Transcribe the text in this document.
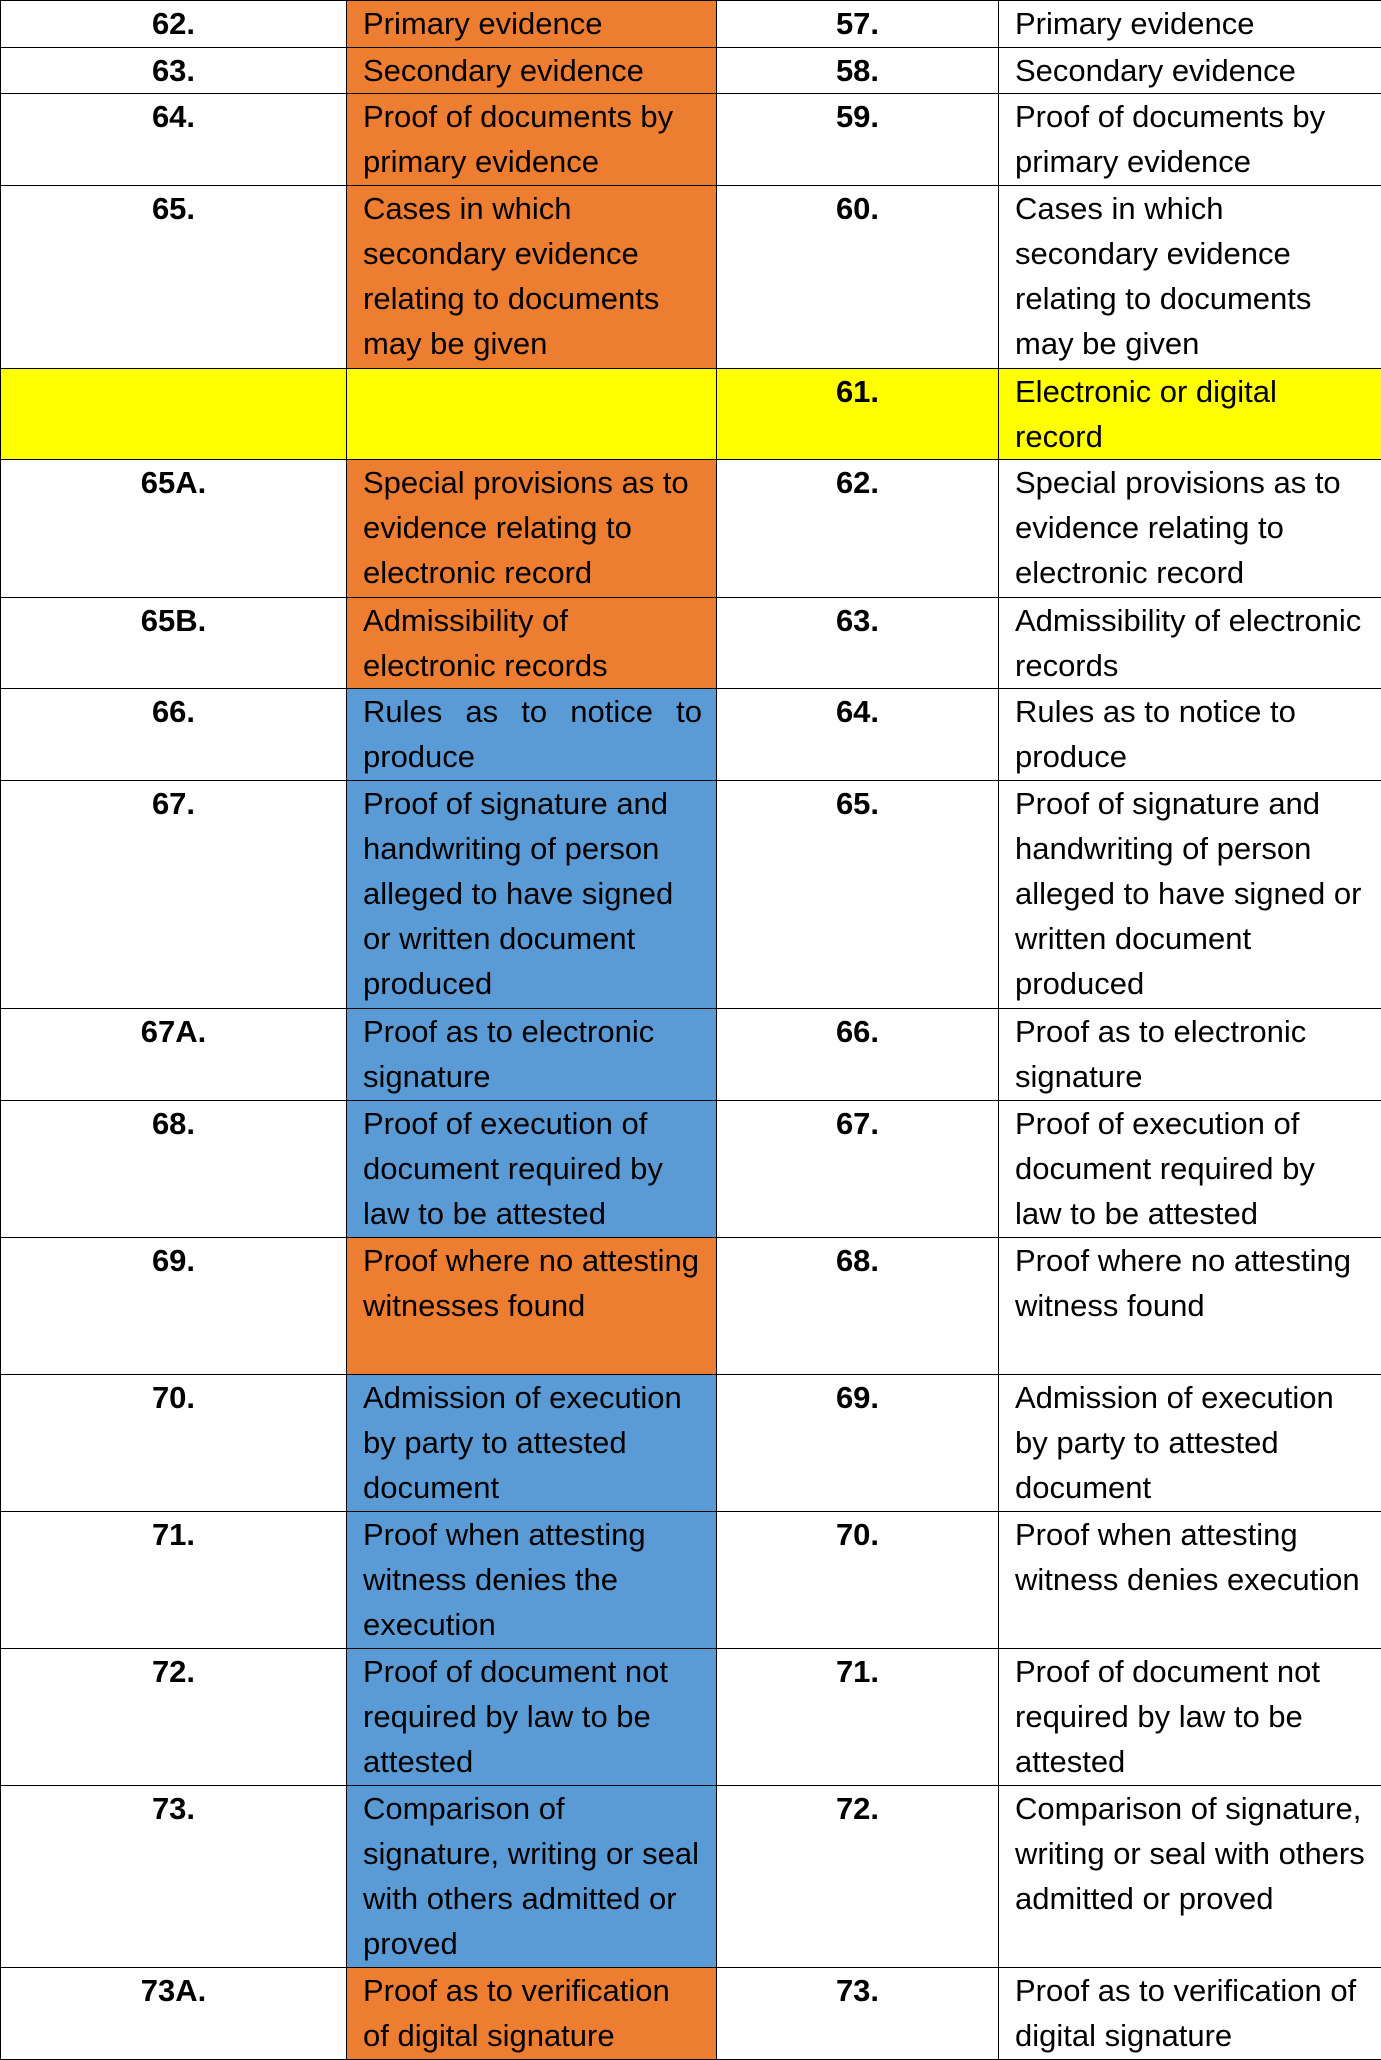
62.	Primary evidence	57.	Primary evidence

63.	Secondary evidence	58.	Secondary evidence

64.	Proof of documents by primary evidence	59.	Proof of documents by primary evidence

65.	Cases in which secondary evidence relating to documents may be given	60.	Cases in which secondary evidence relating to documents may be given

		61.	Electronic or digital record

65A.	Special provisions as to evidence relating to electronic record	62.	Special provisions as to evidence relating to electronic record

65B.	Admissibility of electronic records	63.	Admissibility of electronic records

66.	Rules as to notice to produce	64.	Rules as to notice to produce

67.	Proof of signature and handwriting of person alleged to have signed or written document produced	65.	Proof of signature and handwriting of person alleged to have signed or written document produced

67A.	Proof as to electronic signature	66.	Proof as to electronic signature

68.	Proof of execution of document required by law to be attested	67.	Proof of execution of document required by law to be attested

69.	Proof where no attesting witnesses found	68.	Proof where no attesting witness found

70.	Admission of execution by party to attested document	69.	Admission of execution by party to attested document

71.	Proof when attesting witness denies the execution	70.	Proof when attesting witness denies execution

72.	Proof of document not required by law to be attested	71.	Proof of document not required by law to be attested

73.	Comparison of signature, writing or seal with others admitted or proved	72.	Comparison of signature, writing or seal with others admitted or proved

73A.	Proof as to verification of digital signature	73.	Proof as to verification of digital signature
